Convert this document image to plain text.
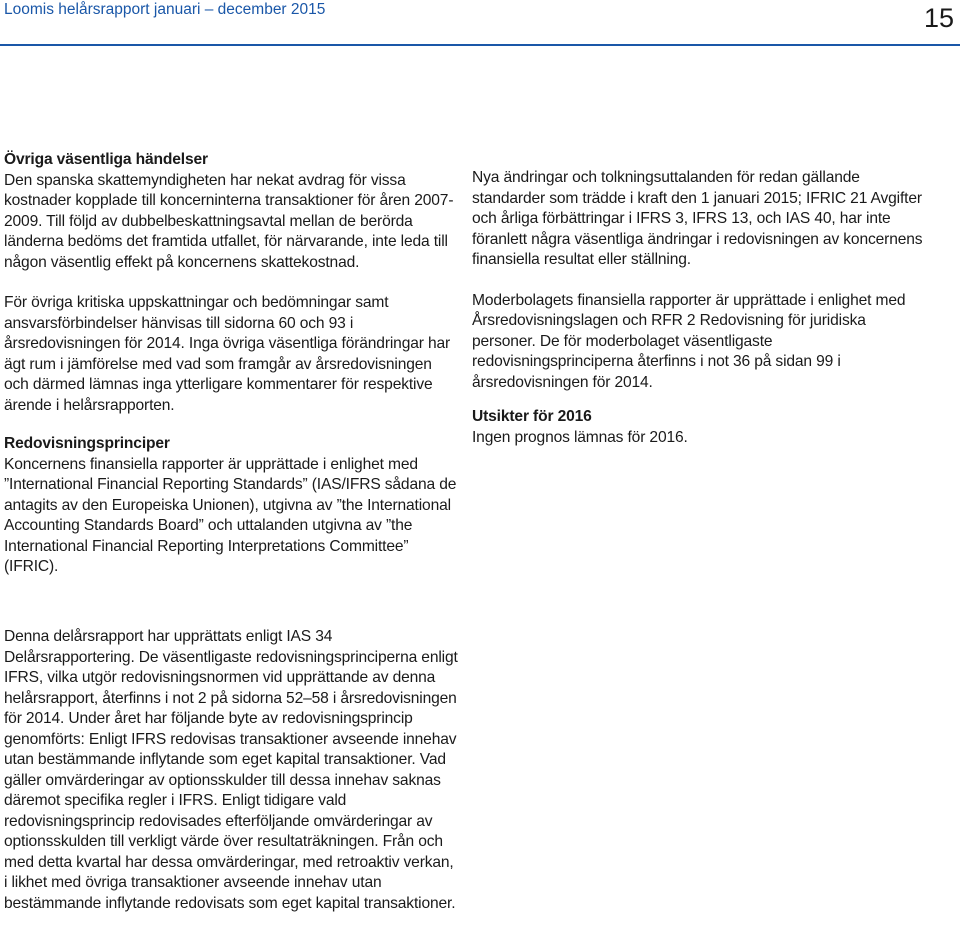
Loomis helårsrapport januari – december 2015	15
Övriga väsentliga händelser

Den spanska skattemyndigheten har nekat avdrag för vissa kostnader kopplade till koncerninterna transaktioner för åren 2007-2009. Till följd av dubbelbeskattningsavtal mellan de berörda länderna bedöms det framtida utfallet, för närvarande, inte leda till någon väsentlig effekt på koncernens skattekostnad.

För övriga kritiska uppskattningar och bedömningar samt ansvarsförbindelser hänvisas till sidorna 60 och 93 i årsredovisningen för 2014. Inga övriga väsentliga förändringar har ägt rum i jämförelse med vad som framgår av årsredovisningen och därmed lämnas inga ytterligare kommentarer för respektive ärende i helårsrapporten.

Redovisningsprinciper

Koncernens finansiella rapporter är upprättade i enlighet med ”International Financial Reporting Standards” (IAS/IFRS sådana de antagits av den Europeiska Unionen), utgivna av ”the International Accounting Standards Board” och uttalanden utgivna av ”the International Financial Reporting Interpretations Committee” (IFRIC).

Denna delårsrapport har upprättats enligt IAS 34 Delårsrapportering. De väsentligaste redovisningsprinciperna enligt IFRS, vilka utgör redovisningsnormen vid upprättande av denna helårsrapport, återfinns i not 2 på sidorna 52–58 i årsredovisningen för 2014. Under året har följande byte av redovisningsprincip genomförts: Enligt IFRS redovisas transaktioner avseende innehav utan bestämmande inflytande som eget kapital transaktioner. Vad gäller omvärderingar av optionsskulder till dessa innehav saknas däremot specifika regler i IFRS. Enligt tidigare vald redovisningsprincip redovisades efterföljande omvärderingar av optionsskulden till verkligt värde över resultaträkningen. Från och med detta kvartal har dessa omvärderingar, med retroaktiv verkan, i likhet med övriga transaktioner avseende innehav utan bestämmande inflytande redovisats som eget kapital transaktioner.

Nya ändringar och tolkningsuttalanden för redan gällande standarder som trädde i kraft den 1 januari 2015; IFRIC 21 Avgifter och årliga förbättringar i IFRS 3, IFRS 13, och IAS 40, har inte föranlett några väsentliga ändringar i redovisningen av koncernens finansiella resultat eller ställning.

Moderbolagets finansiella rapporter är upprättade i enlighet med Årsredovisningslagen och RFR 2 Redovisning för juridiska personer. De för moderbolaget väsentligaste redovisningsprinciperna återfinns i not 36 på sidan 99 i årsredovisningen för 2014.

Utsikter för 2016

Ingen prognos lämnas för 2016.
